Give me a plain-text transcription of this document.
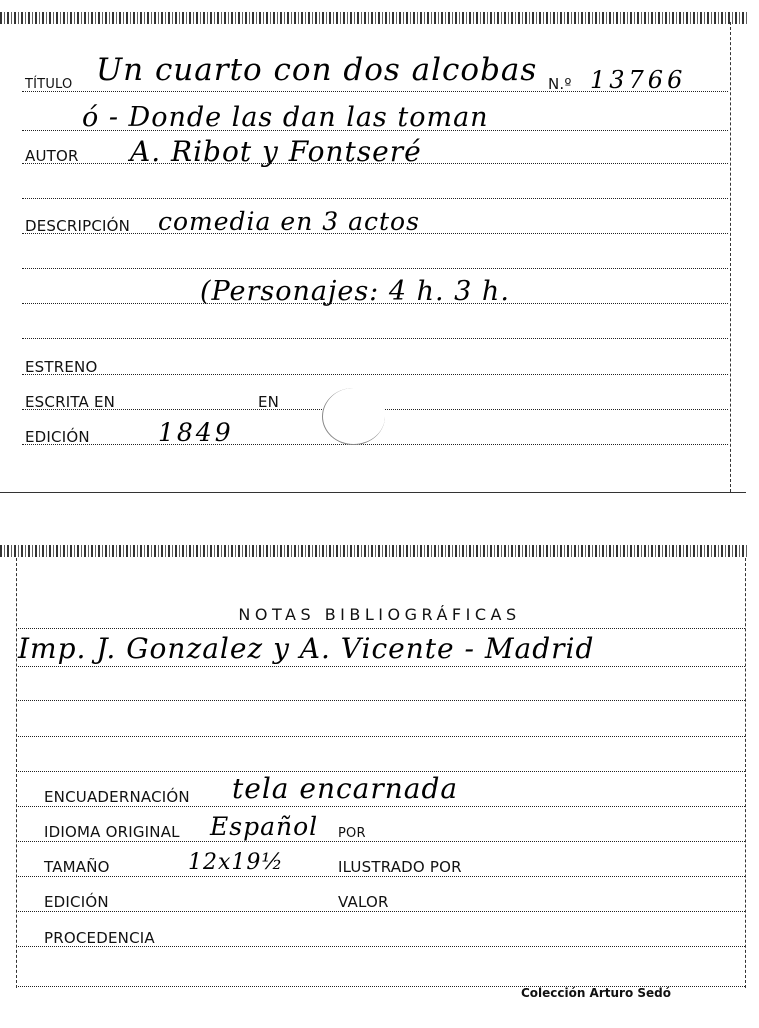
TÍTULO Un cuarto con dos alcobas N.º 13766
ó - Donde las dan las toman
AUTOR A. Ribot y Fontseré
DESCRIPCIÓN comedia en 3 actos
(Personajes: 4 h. 3 h.
ESTRENO
ESCRITA EN	EN
EDICIÓN	1849
NOTAS BIBLIOGRÁFICAS
Imp. J. Gonzalez y A. Vicente - Madrid
ENCUADERNACIÓN tela encarnada
IDIOMA ORIGINAL Español POR
TAMAÑO	12x19½	ILUSTRADO POR
EDICIÓN	VALOR
PROCEDENCIA
Colección Arturo Sedó
